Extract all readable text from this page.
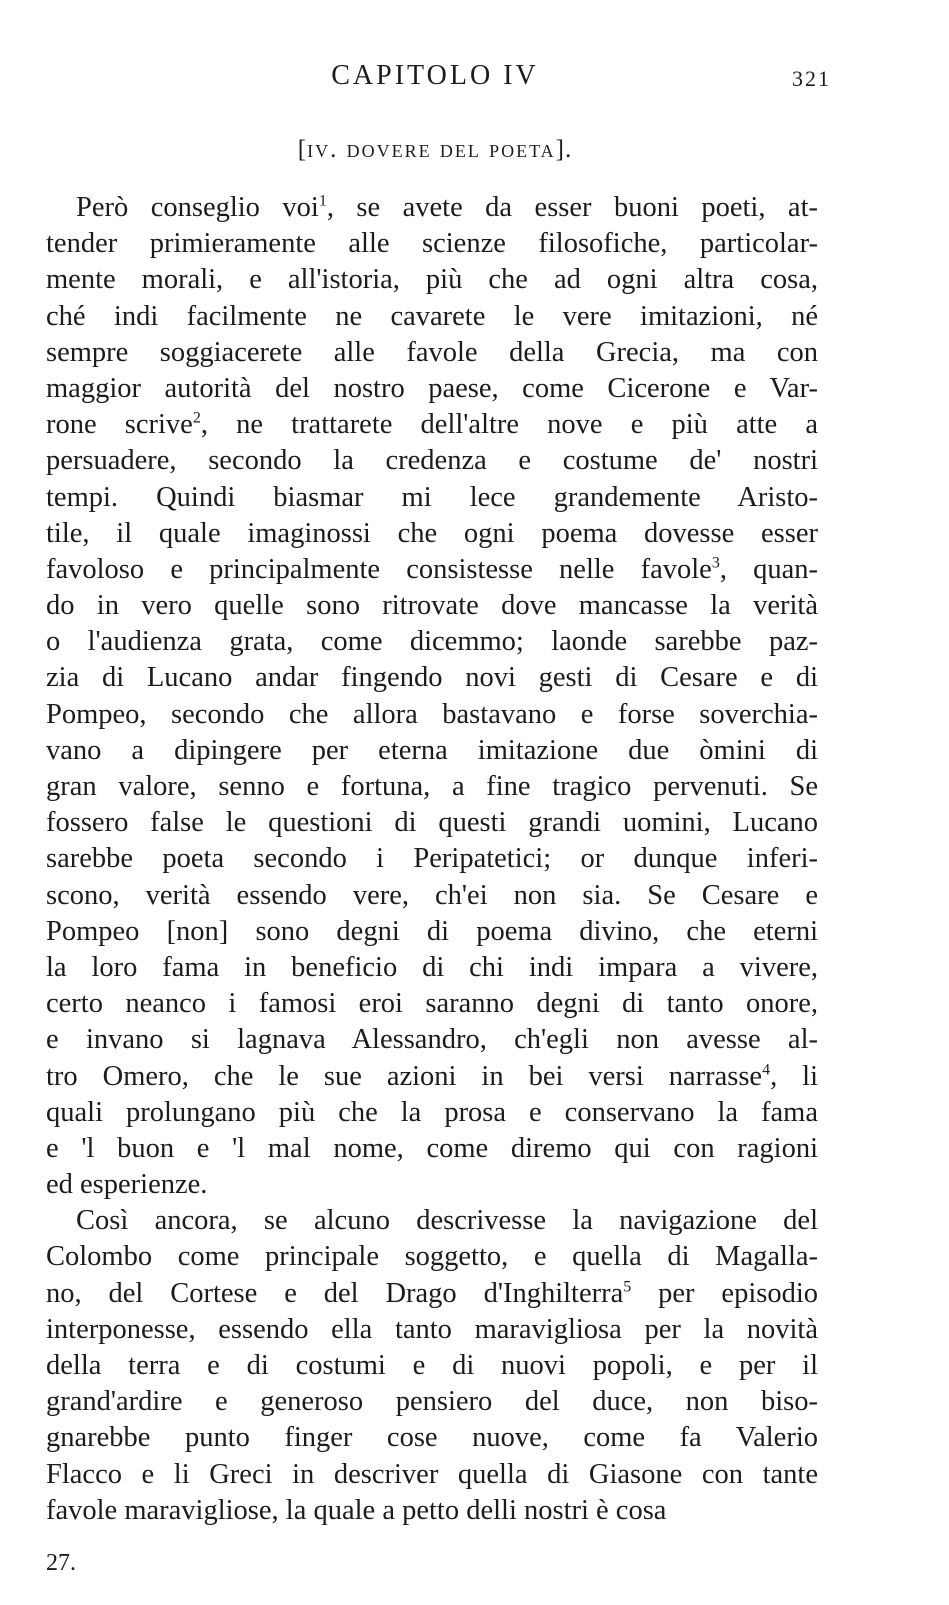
CAPITOLO IV	321
[iv. dovere del poeta].
Però conseglio voi$^1$, se avete da esser buoni poeti, at-
tender primieramente alle scienze filosofiche, particolar-
mente morali, e all'istoria, più che ad ogni altra cosa,
ché indi facilmente ne cavarete le vere imitazioni, né
sempre soggiacerete alle favole della Grecia, ma con
maggior autorità del nostro paese, come Cicerone e Var-
rone scrive$^2$, ne trattarete dell'altre nove e più atte a
persuadere, secondo la credenza e costume de' nostri
tempi. Quindi biasmar mi lece grandemente Aristo-
tile, il quale imaginossi che ogni poema dovesse esser
favoloso e principalmente consistesse nelle favole$^3$, quan-
do in vero quelle sono ritrovate dove mancasse la verità
o l'audienza grata, come dicemmo; laonde sarebbe paz-
zia di Lucano andar fingendo novi gesti di Cesare e di
Pompeo, secondo che allora bastavano e forse soverchia-
vano a dipingere per eterna imitazione due òmini di
gran valore, senno e fortuna, a fine tragico pervenuti. Se
fossero false le questioni di questi grandi uomini, Lucano
sarebbe poeta secondo i Peripatetici; or dunque inferi-
scono, verità essendo vere, ch'ei non sia. Se Cesare e
Pompeo [non] sono degni di poema divino, che eterni
la loro fama in beneficio di chi indi impara a vivere,
certo neanco i famosi eroi saranno degni di tanto onore,
e invano si lagnava Alessandro, ch'egli non avesse al-
tro Omero, che le sue azioni in bei versi narrasse$^4$, li
quali prolungano più che la prosa e conservano la fama
e 'l buon e 'l mal nome, come diremo qui con ragioni
ed esperienze.
Così ancora, se alcuno descrivesse la navigazione del
Colombo come principale soggetto, e quella di Magalla-
no, del Cortese e del Drago d'Inghilterra$^5$ per episodio
interponesse, essendo ella tanto maravigliosa per la novità
della terra e di costumi e di nuovi popoli, e per il
grand'ardire e generoso pensiero del duce, non biso-
gnarebbe punto finger cose nuove, come fa Valerio
Flacco e li Greci in descriver quella di Giasone con tante
favole maravigliose, la quale a petto delli nostri è cosa
27.
